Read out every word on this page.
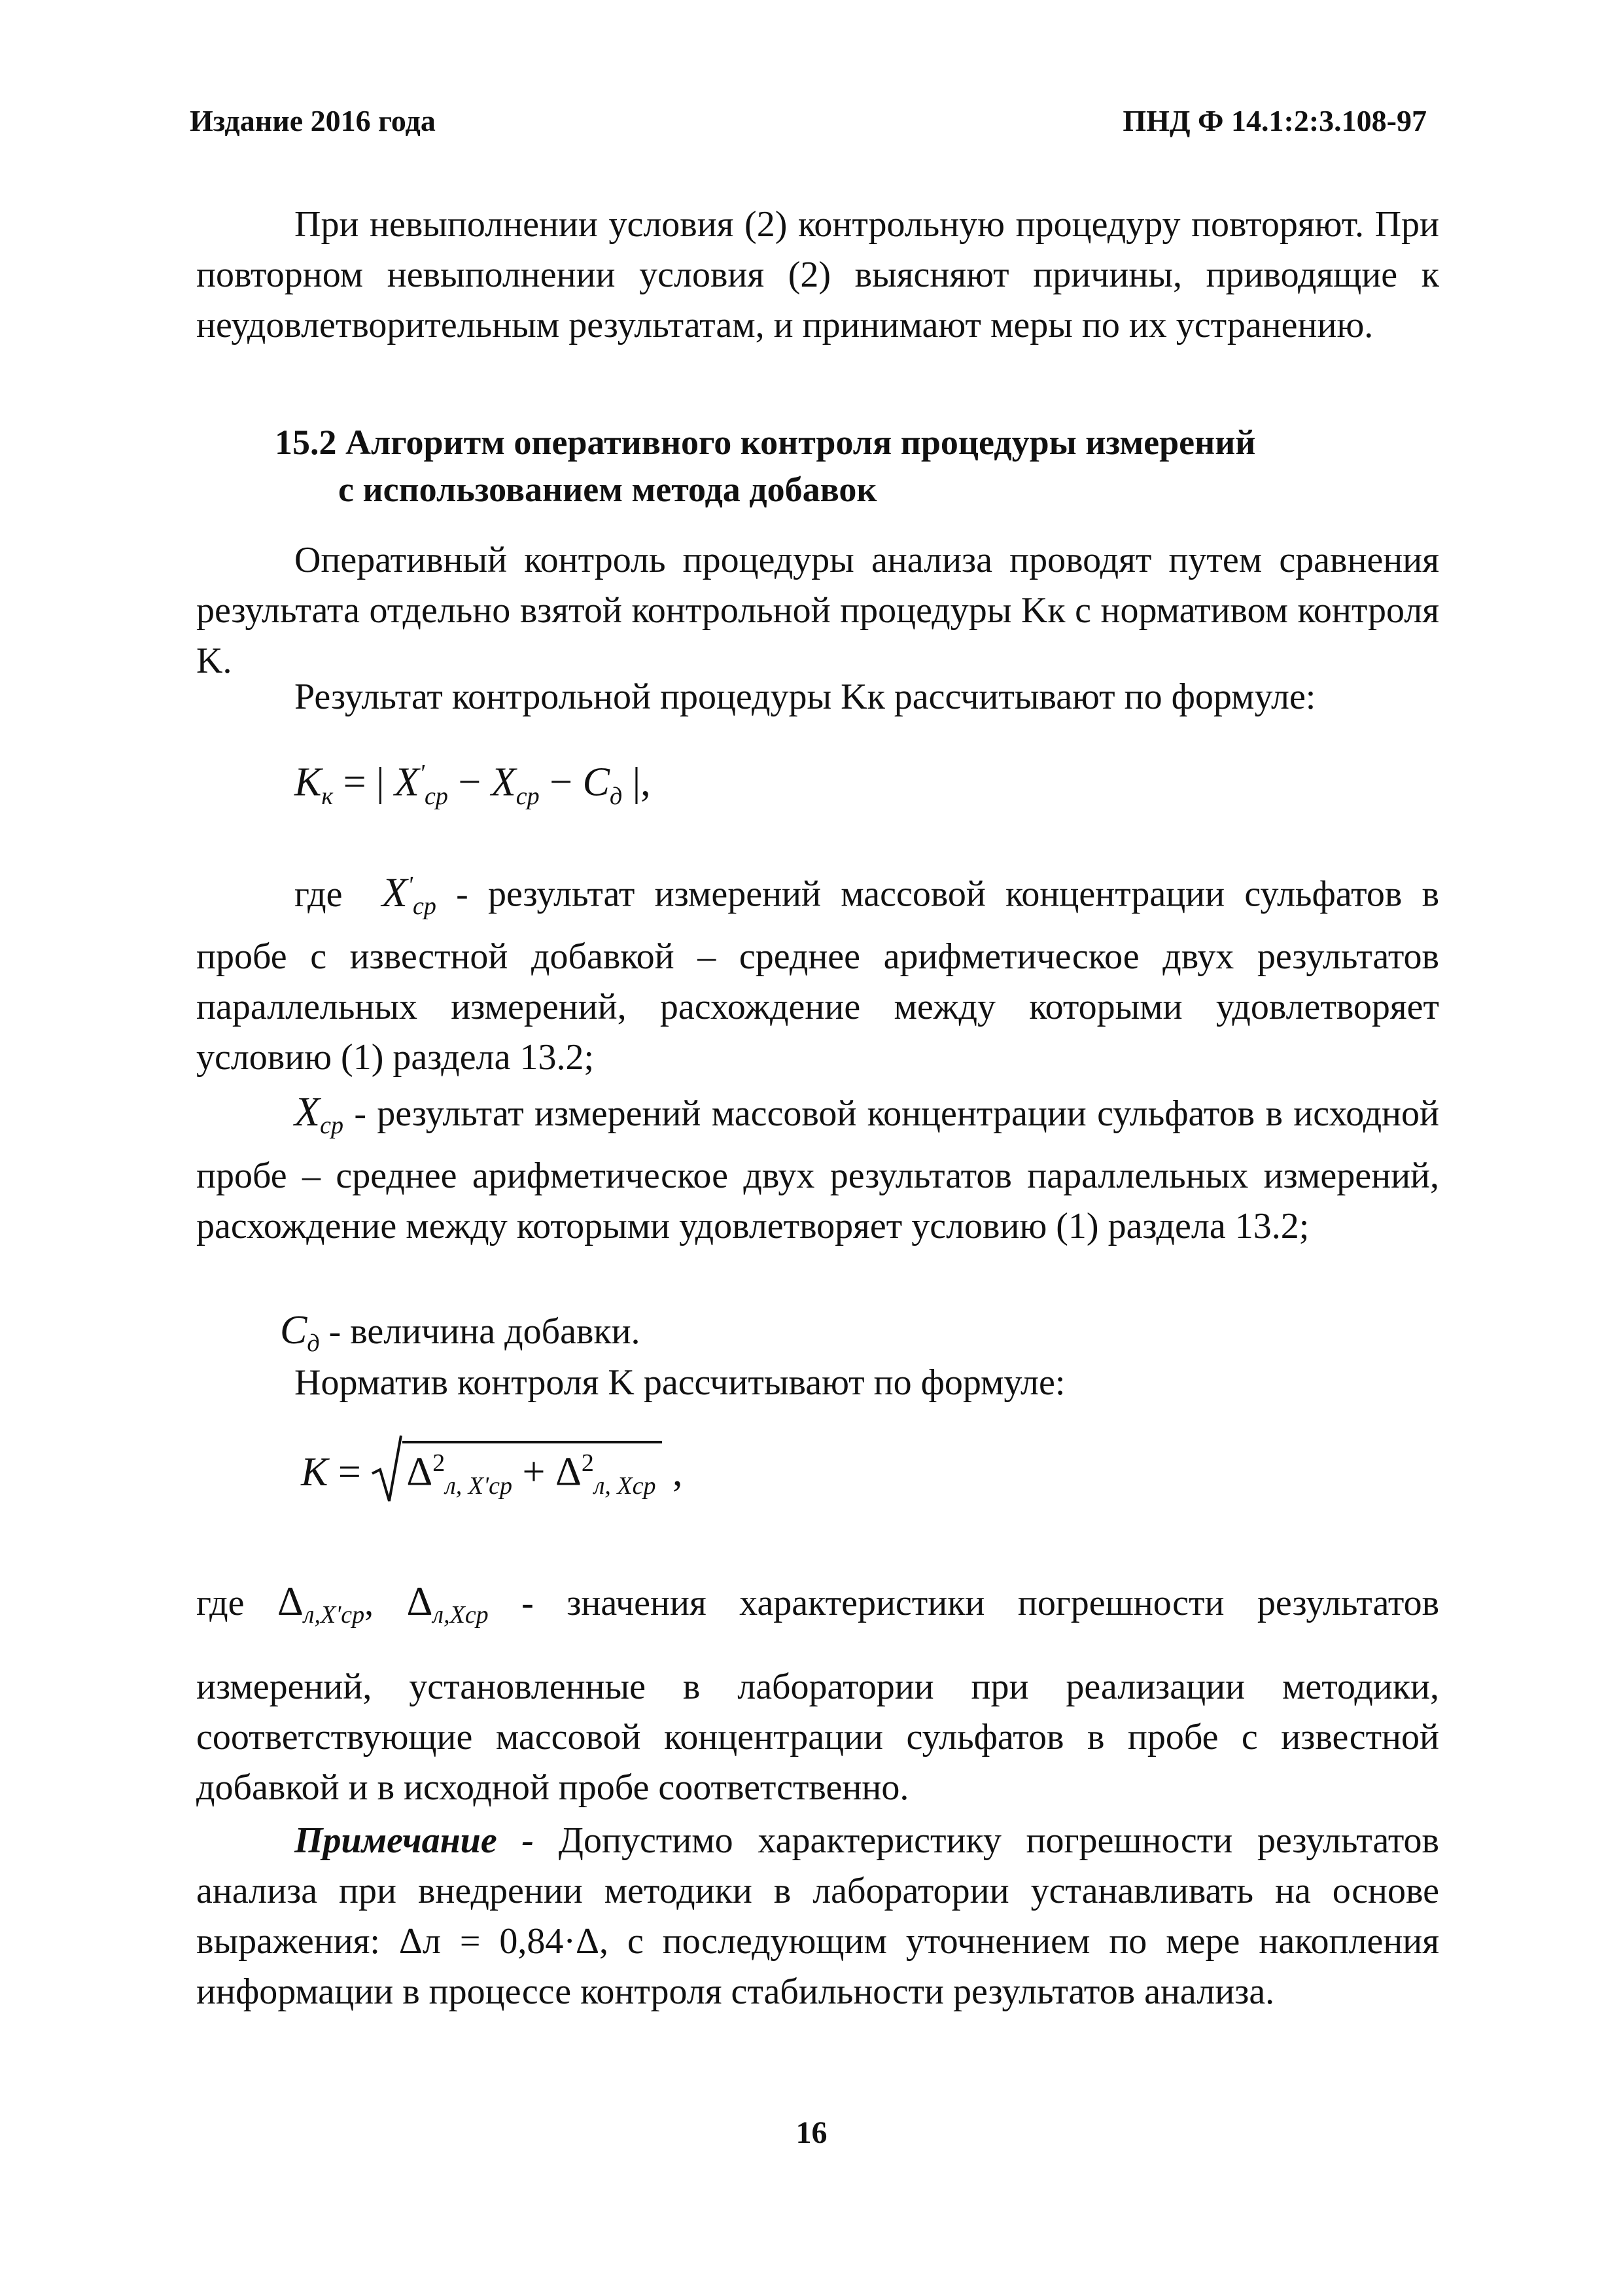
Издание 2016 года	ПНД Ф 14.1:2:3.108-97
При невыполнении условия (2) контрольную процедуру повторяют. При повторном невыполнении условия (2) выясняют причины, приводящие к неудовлетворительным результатам, и принимают меры по их устранению.
15.2 Алгоритм оперативного контроля процедуры измерений
с использованием метода добавок
Оперативный контроль процедуры анализа проводят путем сравнения результата отдельно взятой контрольной процедуры Kк с нормативом контроля K.
Результат контрольной процедуры Kк рассчитывают по формуле:
$K_к$ = | $X'_{ср} - X_{ср} - C_д$ |,
где $X'_{ср}$ - результат измерений массовой концентрации сульфатов в пробе с известной добавкой – среднее арифметическое двух результатов параллельных измерений, расхождение между которыми удовлетворяет условию (1) раздела 13.2;
$X_{ср}$ - результат измерений массовой концентрации сульфатов в исходной пробе – среднее арифметическое двух результатов параллельных измерений, расхождение между которыми удовлетворяет условию (1) раздела 13.2;
$C_д$ - величина добавки.
Норматив контроля K рассчитывают по формуле:
$K = \Delta^2_{л, X'ср} + \Delta^2_{л, Xср}$ ,
где $\Delta_{л,X'ср}$, $\Delta_{л,Xср}$ - значения характеристики погрешности результатов
измерений, установленные в лаборатории при реализации методики, соответствующие массовой концентрации сульфатов в пробе с известной добавкой и в исходной пробе соответственно.
Примечание - Допустимо характеристику погрешности результатов анализа при внедрении методики в лаборатории устанавливать на основе выражения: Δл = 0,84·Δ, с последующим уточнением по мере накопления информации в процессе контроля стабильности результатов анализа.
16
